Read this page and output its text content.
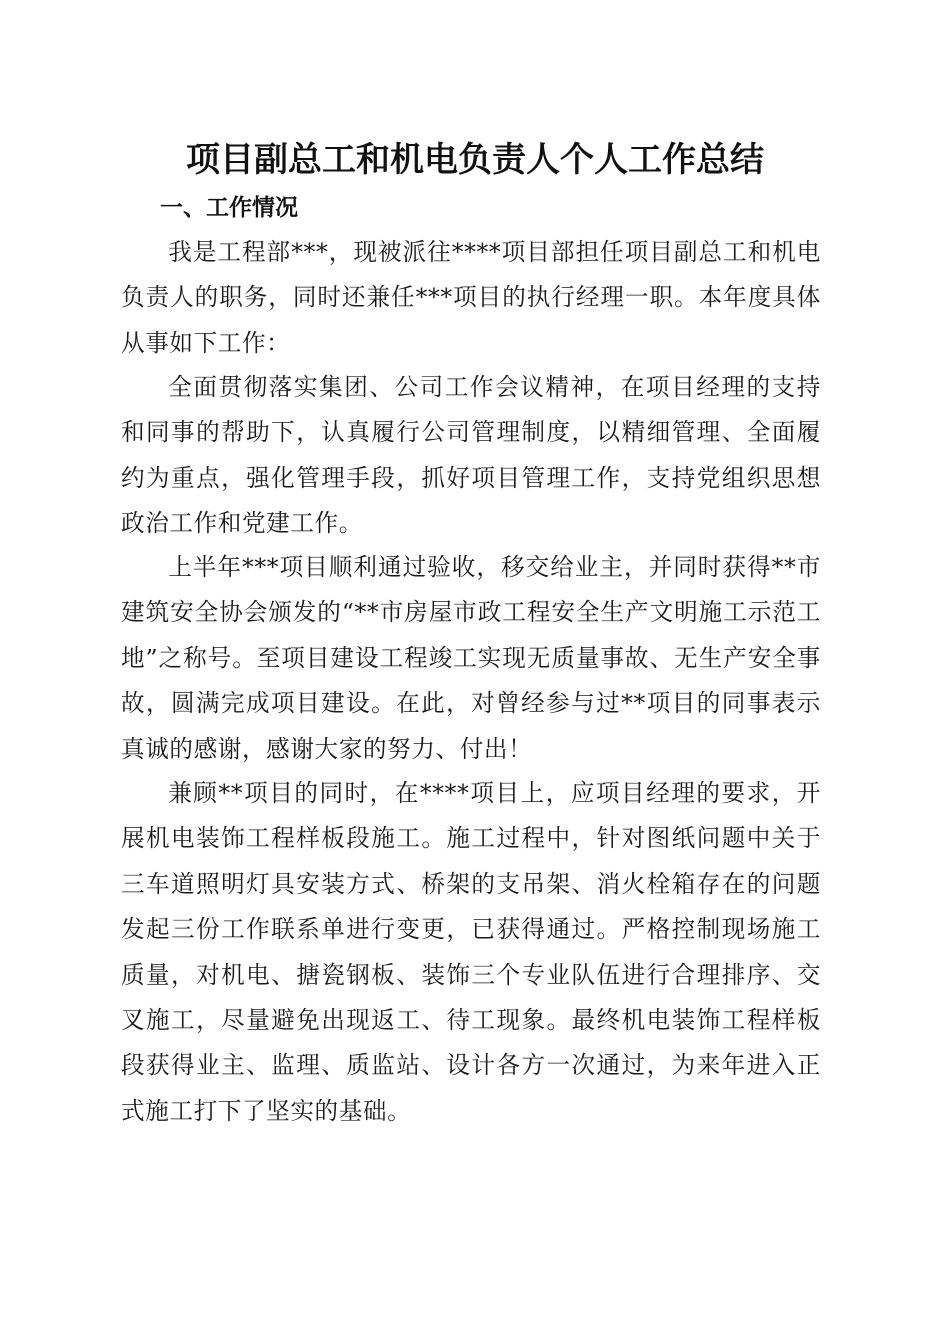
项目副总工和机电负责人个人工作总结
一、工作情况

我是工程部***，现被派往****项目部担任项目副总工和机电负责人的职务，同时还兼任***项目的执行经理一职。本年度具体从事如下工作：

全面贯彻落实集团、公司工作会议精神，在项目经理的支持和同事的帮助下，认真履行公司管理制度，以精细管理、全面履约为重点，强化管理手段，抓好项目管理工作，支持党组织思想政治工作和党建工作。

上半年***项目顺利通过验收，移交给业主，并同时获得**市建筑安全协会颁发的“**市房屋市政工程安全生产文明施工示范工地”之称号。至项目建设工程竣工实现无质量事故、无生产安全事故，圆满完成项目建设。在此，对曾经参与过**项目的同事表示真诚的感谢，感谢大家的努力、付出！

兼顾**项目的同时，在****项目上，应项目经理的要求，开展机电装饰工程样板段施工。施工过程中，针对图纸问题中关于三车道照明灯具安装方式、桥架的支吊架、消火栓箱存在的问题发起三份工作联系单进行变更，已获得通过。严格控制现场施工质量，对机电、搪瓷钢板、装饰三个专业队伍进行合理排序、交叉施工，尽量避免出现返工、待工现象。最终机电装饰工程样板段获得业主、监理、质监站、设计各方一次通过，为来年进入正式施工打下了坚实的基础。
